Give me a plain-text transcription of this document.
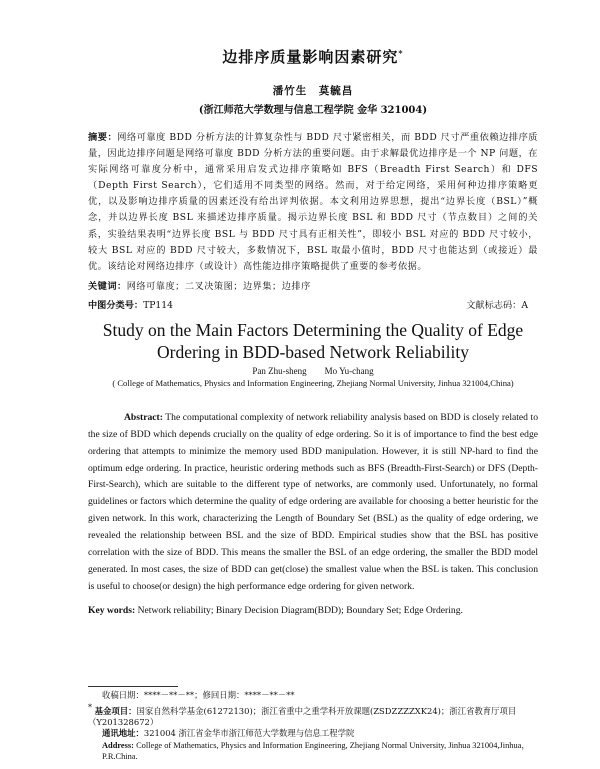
边排序质量影响因素研究*
潘竹生　莫毓昌
(浙江师范大学数理与信息工程学院 金华 321004)
摘要：网络可靠度 BDD 分析方法的计算复杂性与 BDD 尺寸紧密相关，而 BDD 尺寸严重依赖边排序质量，因此边排序问题是网络可靠度 BDD 分析方法的重要问题。由于求解最优边排序是一个 NP 问题，在实际网络可靠度分析中，通常采用启发式边排序策略如 BFS（Breadth First Search）和 DFS（Depth First Search），它们适用不同类型的网络。然而，对于给定网络，采用何种边排序策略更优，以及影响边排序质量的因素还没有给出评判依据。本文利用边界思想，提出“边界长度（BSL）”概念，并以边界长度 BSL 来描述边排序质量。揭示边界长度 BSL 和 BDD 尺寸（节点数目）之间的关系，实验结果表明“边界长度 BSL 与 BDD 尺寸具有正相关性”，即较小 BSL 对应的 BDD 尺寸较小，较大 BSL 对应的 BDD 尺寸较大，多数情况下，BSL 取最小值时，BDD 尺寸也能达到（或接近）最优。该结论对网络边排序（或设计）高性能边排序策略提供了重要的参考依据。
关键词：网络可靠度；二叉决策图；边界集；边排序
中图分类号：TP114	文献标志码：A
Study on the Main Factors Determining the Quality of Edge
Ordering in BDD-based Network Reliability
Pan Zhu-sheng　　Mo Yu-chang
( College of Mathematics, Physics and Information Engineering, Zhejiang Normal University, Jinhua 321004,China)
Abstract: The computational complexity of network reliability analysis based on BDD is closely related to the size of BDD which depends crucially on the quality of edge ordering. So it is of importance to find the best edge ordering that attempts to minimize the memory used BDD manipulation. However, it is still NP-hard to find the optimum edge ordering. In practice, heuristic ordering methods such as BFS (Breadth-First-Search) or DFS (Depth-First-Search), which are suitable to the different type of networks, are commonly used. Unfortunately, no formal guidelines or factors which determine the quality of edge ordering are available for choosing a better heuristic for the given network. In this work, characterizing the Length of Boundary Set (BSL) as the quality of edge ordering, we revealed the relationship between BSL and the size of BDD. Empirical studies show that the BSL has positive correlation with the size of BDD. This means the smaller the BSL of an edge ordering, the smaller the BDD model generated. In most cases, the size of BDD can get(close) the smallest value when the BSL is taken. This conclusion is useful to choose(or design) the high performance edge ordering for given network.
Key words: Network reliability; Binary Decision Diagram(BDD); Boundary Set; Edge Ordering.
收稿日期：****－**－**；修回日期：****－**－**
* 基金项目：国家自然科学基金(61272130)；浙江省重中之重学科开放课题(ZSDZZZZXK24)；浙江省教育厅项目（Y201328672）
通讯地址：321004 浙江省金华市浙江师范大学数理与信息工程学院
Address: College of Mathematics, Physics and Information Engineering, Zhejiang Normal University, Jinhua 321004,Jinhua，P.R.China.
